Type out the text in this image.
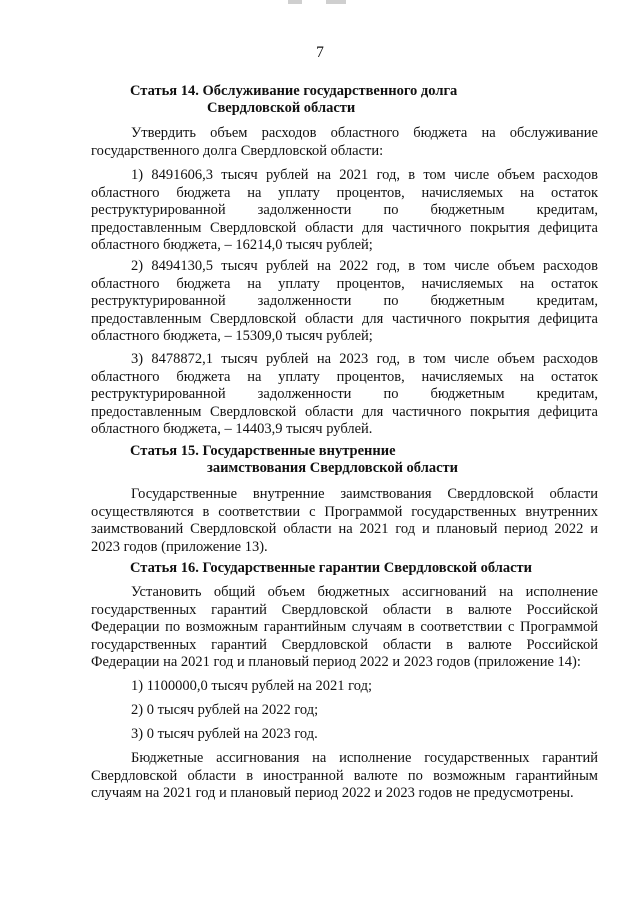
7
Статья 14. Обслуживание государственного долга
Свердловской области

Утвердить объем расходов областного бюджета на обслуживание государственного долга Свердловской области:

1) 8491606,3 тысяч рублей на 2021 год, в том числе объем расходов областного бюджета на уплату процентов, начисляемых на остаток реструктурированной задолженности по бюджетным кредитам, предоставленным Свердловской области для частичного покрытия дефицита областного бюджета, – 16214,0 тысяч рублей;

2) 8494130,5 тысяч рублей на 2022 год, в том числе объем расходов областного бюджета на уплату процентов, начисляемых на остаток реструктурированной задолженности по бюджетным кредитам, предоставленным Свердловской области для частичного покрытия дефицита областного бюджета, – 15309,0 тысяч рублей;

3) 8478872,1 тысяч рублей на 2023 год, в том числе объем расходов областного бюджета на уплату процентов, начисляемых на остаток реструктурированной задолженности по бюджетным кредитам, предоставленным Свердловской области для частичного покрытия дефицита областного бюджета, – 14403,9 тысяч рублей.

Статья 15. Государственные внутренние
заимствования Свердловской области

Государственные внутренние заимствования Свердловской области осуществляются в соответствии с Программой государственных внутренних заимствований Свердловской области на 2021 год и плановый период 2022 и 2023 годов (приложение 13).

Статья 16. Государственные гарантии Свердловской области

Установить общий объем бюджетных ассигнований на исполнение государственных гарантий Свердловской области в валюте Российской Федерации по возможным гарантийным случаям в соответствии с Программой государственных гарантий Свердловской области в валюте Российской Федерации на 2021 год и плановый период 2022 и 2023 годов (приложение 14):

1) 1100000,0 тысяч рублей на 2021 год;
2) 0 тысяч рублей на 2022 год;
3) 0 тысяч рублей на 2023 год.

Бюджетные ассигнования на исполнение государственных гарантий Свердловской области в иностранной валюте по возможным гарантийным случаям на 2021 год и плановый период 2022 и 2023 годов не предусмотрены.
